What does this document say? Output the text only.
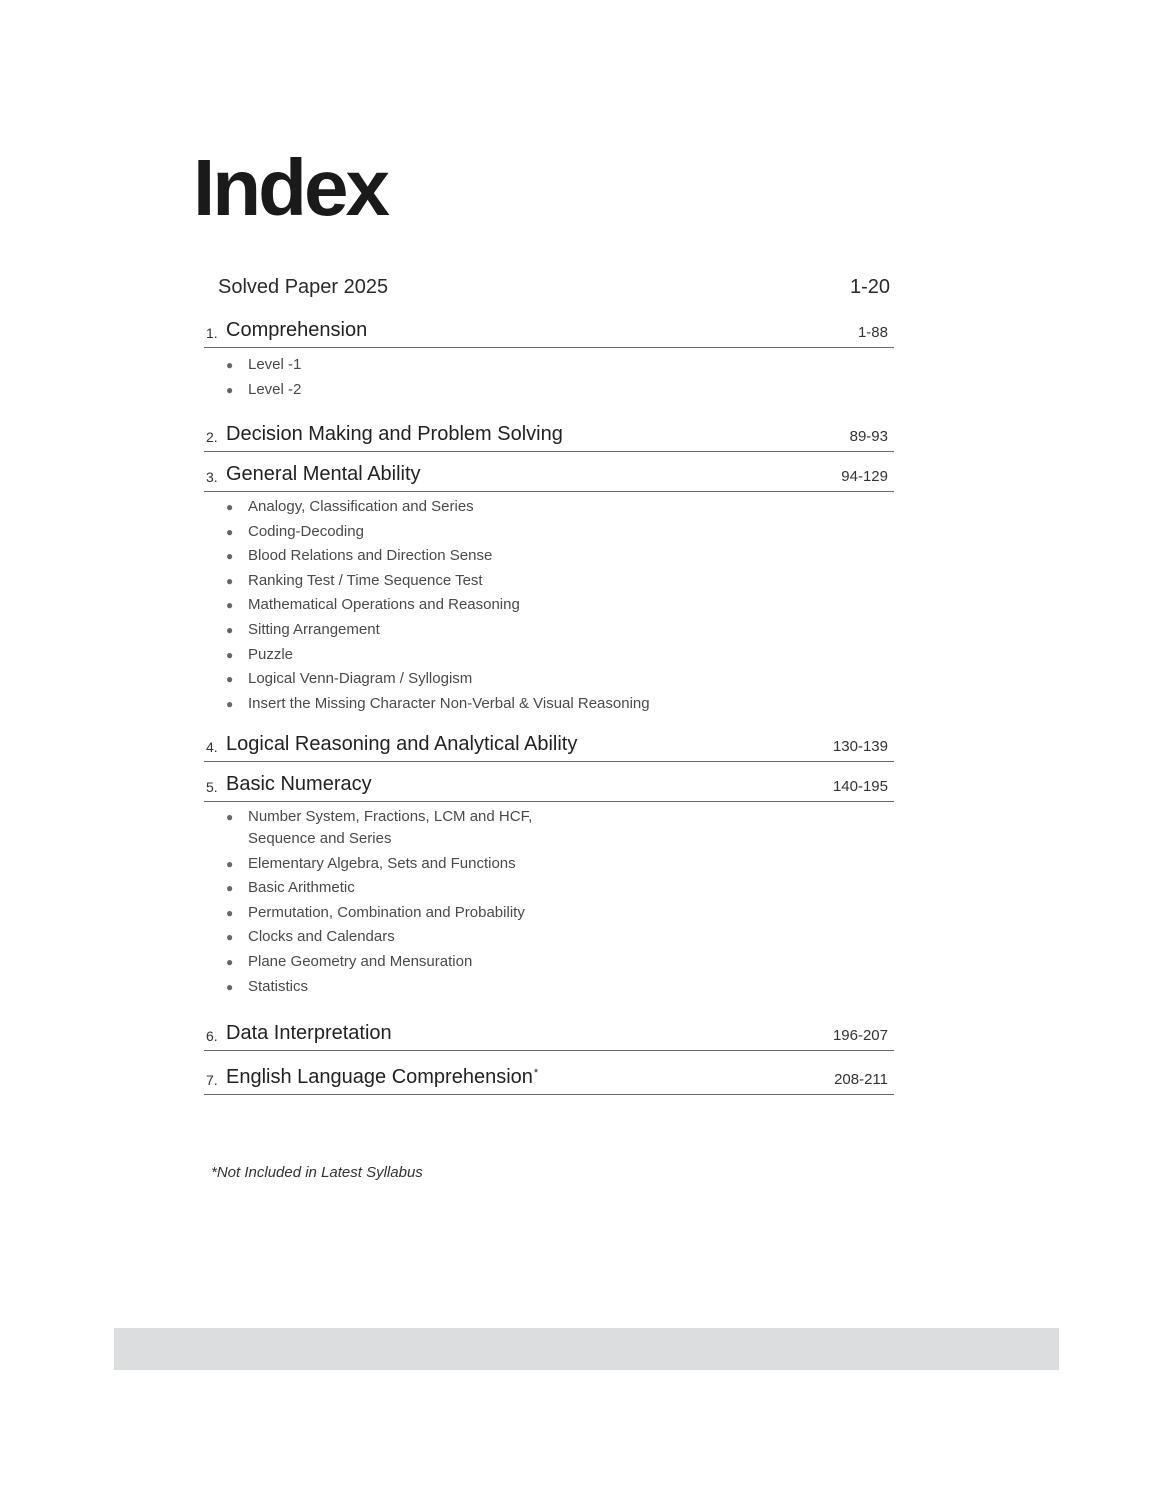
Index
Solved Paper 2025	1-20
1. Comprehension	1-88
● Level -1
● Level -2
2. Decision Making and Problem Solving	89-93
3. General Mental Ability	94-129
● Analogy, Classification and Series
● Coding-Decoding
● Blood Relations and Direction Sense
● Ranking Test / Time Sequence Test
● Mathematical Operations and Reasoning
● Sitting Arrangement
● Puzzle
● Logical Venn-Diagram / Syllogism
● Insert the Missing Character Non-Verbal & Visual Reasoning
4. Logical Reasoning and Analytical Ability	130-139
5. Basic Numeracy	140-195
● Number System, Fractions, LCM and HCF,
Sequence and Series
● Elementary Algebra, Sets and Functions
● Basic Arithmetic
● Permutation, Combination and Probability
● Clocks and Calendars
● Plane Geometry and Mensuration
● Statistics
6. Data Interpretation	196-207
7. English Language Comprehension*	208-211
*Not Included in Latest Syllabus
